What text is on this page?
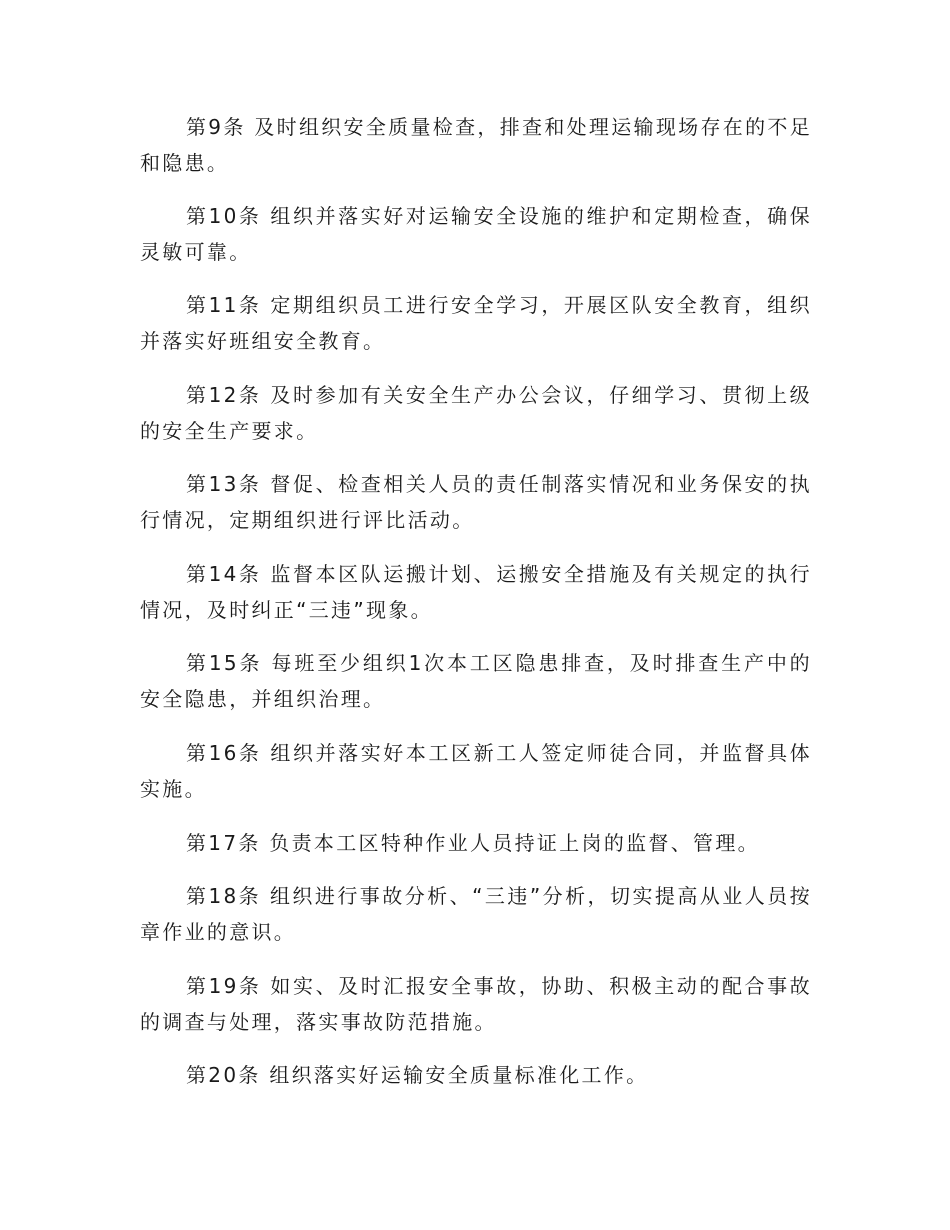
第9条 及时组织安全质量检查，排查和处理运输现场存在的不足和隐患。

第10条 组织并落实好对运输安全设施的维护和定期检查，确保灵敏可靠。

第11条 定期组织员工进行安全学习，开展区队安全教育，组织并落实好班组安全教育。

第12条 及时参加有关安全生产办公会议，仔细学习、贯彻上级的安全生产要求。

第13条 督促、检查相关人员的责任制落实情况和业务保安的执行情况，定期组织进行评比活动。

第14条 监督本区队运搬计划、运搬安全措施及有关规定的执行情况，及时纠正“三违”现象。

第15条 每班至少组织1次本工区隐患排查，及时排查生产中的安全隐患，并组织治理。

第16条 组织并落实好本工区新工人签定师徒合同，并监督具体实施。

第17条 负责本工区特种作业人员持证上岗的监督、管理。

第18条 组织进行事故分析、“三违”分析，切实提高从业人员按章作业的意识。

第19条 如实、及时汇报安全事故，协助、积极主动的配合事故的调查与处理，落实事故防范措施。

第20条 组织落实好运输安全质量标准化工作。
